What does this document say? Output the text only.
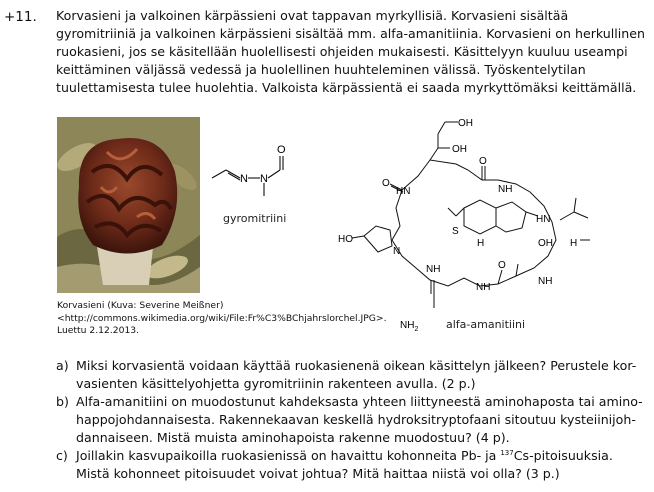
+11. Korvasieni ja valkoinen kärpässieni ovat tappavan myrkyllisiä. Korvasieni sisältää gyromitriiniä ja valkoinen kärpässieni sisältää mm. alfa-amanitiinia. Korvasieni on herkullinen ruokasieni, jos se käsitellään huolellisesti ohjeiden mukaisesti. Käsittelyyn kuuluu useampi keittäminen väljässä vedessä ja huolellinen huuhteleminen välissä. Työskentelytilan tuulettamisesta tulee huolehtia. Valkoista kärpässientä ei saada myrkyttömäksi keittämällä.

Korvasieni (Kuva: Severine Meißner)
<http://commons.wikimedia.org/wiki/File:Fr%C3%BChjahrslorchel.JPG>.
Luettu 2.12.2013.
N N
O
gyromitriini
OH
OH
HN
HO
N
O
O
O
NH
NH
NH
HN
OH H
S
NH
H
$NH_2$	alfa-amanitiini
a) Miksi korvasientä voidaan käyttää ruokasienenä oikean käsittelyn jälkeen? Perustele kor-vasienten käsittelyohjetta gyromitriinin rakenteen avulla. (2 p.)
b) Alfa-amanitiini on muodostunut kahdeksasta yhteen liittyneestä aminohaposta tai amino-happojohdannaisesta. Rakennekaavan keskellä hydroksitryptofaani sitoutuu kysteiinijoh-dannaiseen. Mistä muista aminohapoista rakenne muodostuu? (4 p).
c) Joillakin kasvupaikoilla ruokasienissä on havaittu kohonneita Pb- ja $^{137}$Cs-pitoisuuksia. Mistä kohonneet pitoisuudet voivat johtua? Mitä haittaa niistä voi olla? (3 p.)
